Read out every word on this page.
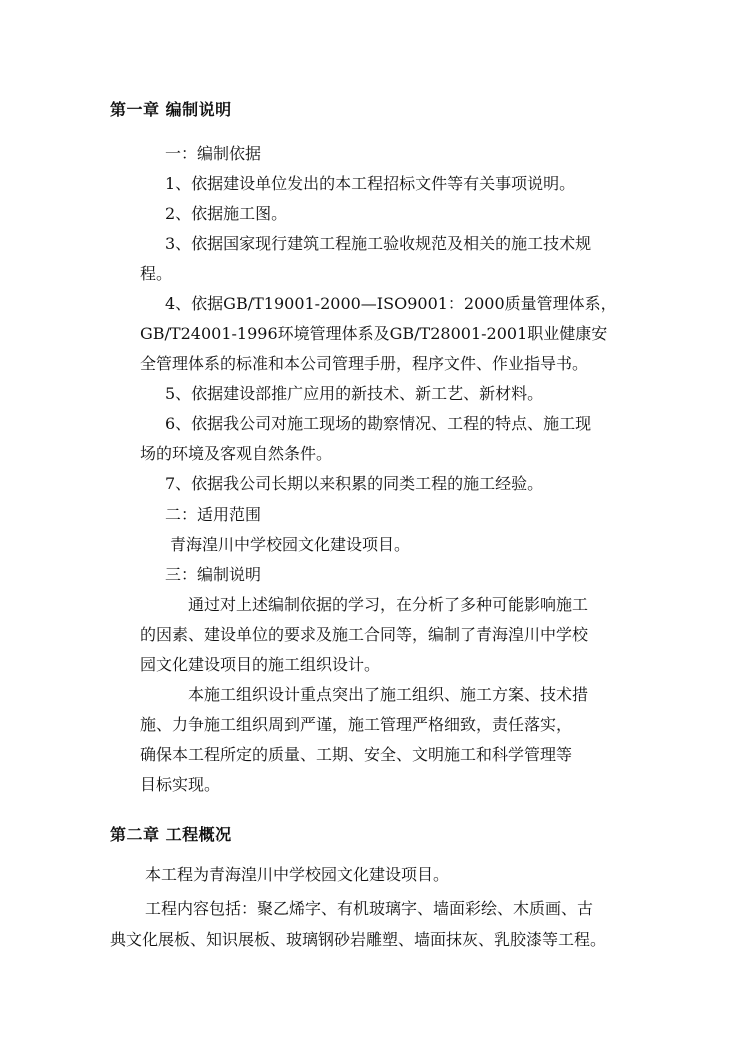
第一章 编制说明
一：编制依据
1、依据建设单位发出的本工程招标文件等有关事项说明。
2、依据施工图。
3、依据国家现行建筑工程施工验收规范及相关的施工技术规
程。
4、依据GB/T19001-2000—ISO9001：2000质量管理体系，
GB/T24001-1996环境管理体系及GB/T28001-2001职业健康安
全管理体系的标准和本公司管理手册，程序文件、作业指导书。
5、依据建设部推广应用的新技术、新工艺、新材料。
6、依据我公司对施工现场的勘察情况、工程的特点、施工现
场的环境及客观自然条件。
7、依据我公司长期以来积累的同类工程的施工经验。
二：适用范围
青海湟川中学校园文化建设项目。
三：编制说明
通过对上述编制依据的学习，在分析了多种可能影响施工
的因素、建设单位的要求及施工合同等，编制了青海湟川中学校
园文化建设项目的施工组织设计。
本施工组织设计重点突出了施工组织、施工方案、技术措
施、力争施工组织周到严谨，施工管理严格细致，责任落实，
确保本工程所定的质量、工期、安全、文明施工和科学管理等
目标实现。
第二章 工程概况
本工程为青海湟川中学校园文化建设项目。
工程内容包括：聚乙烯字、有机玻璃字、墙面彩绘、木质画、古
典文化展板、知识展板、玻璃钢砂岩雕塑、墙面抹灰、乳胶漆等工程。
